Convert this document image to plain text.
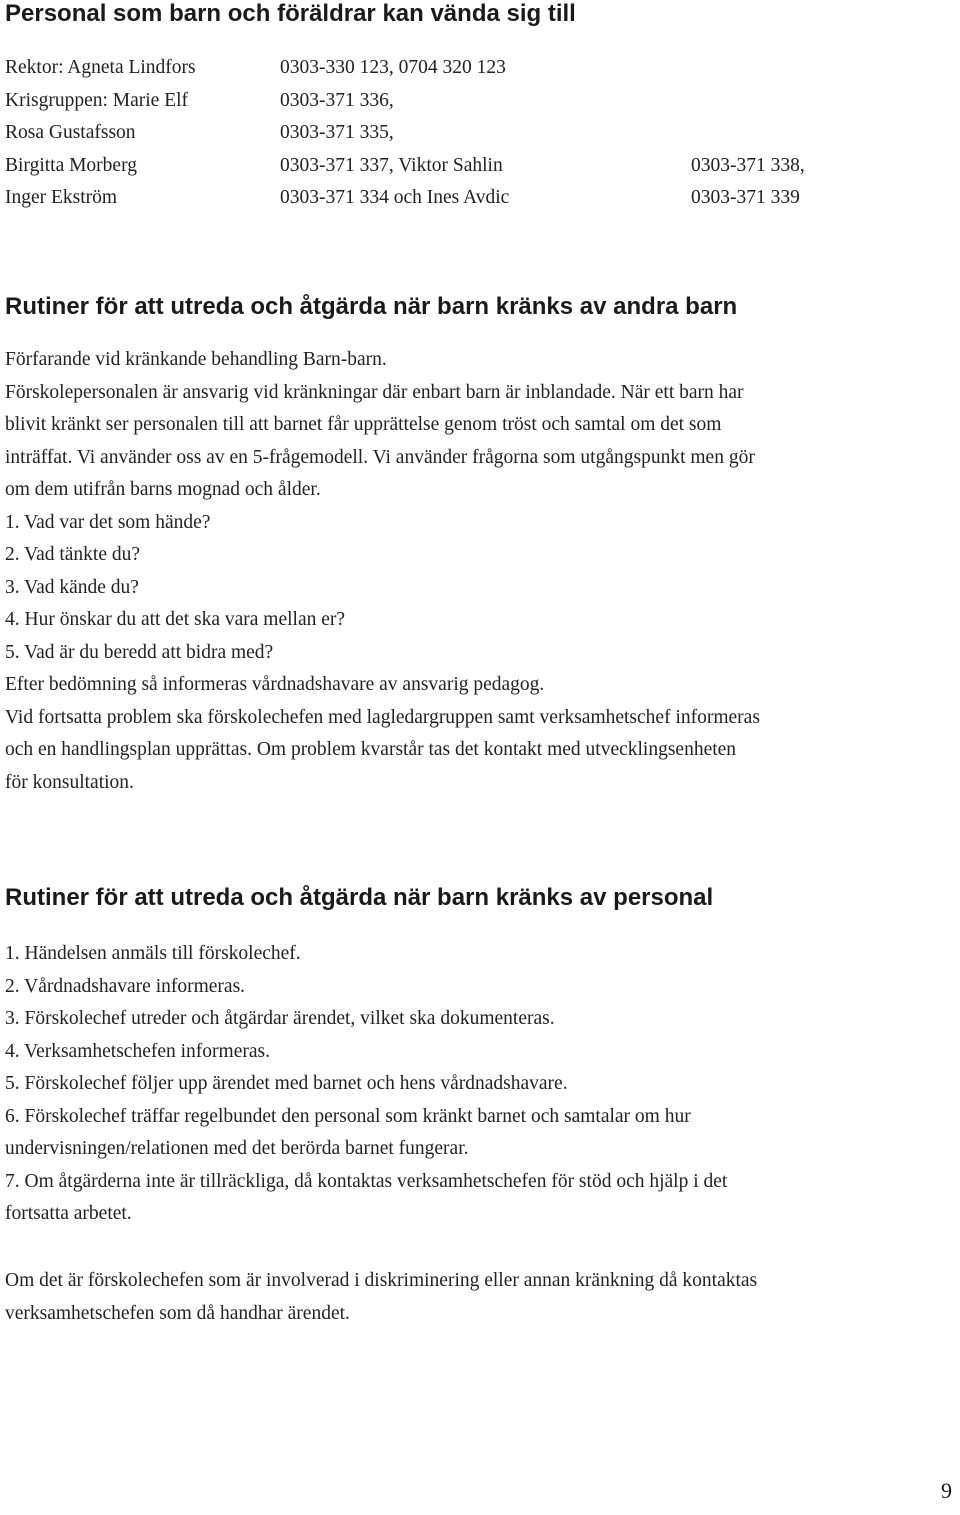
Personal som barn och föräldrar kan vända sig till
Rektor: Agneta Lindfors	0303-330 123, 0704 320 123
Krisgruppen: Marie Elf	0303-371 336,
Rosa Gustafsson	0303-371 335,
Birgitta Morberg	0303-371 337, Viktor Sahlin	0303-371 338,
Inger Ekström	0303-371 334 och Ines Avdic	0303-371 339
Rutiner för att utreda och åtgärda när barn kränks av andra barn
Förfarande vid kränkande behandling Barn-barn.
Förskolepersonalen är ansvarig vid kränkningar där enbart barn är inblandade. När ett barn har
blivit kränkt ser personalen till att barnet får upprättelse genom tröst och samtal om det som
inträffat. Vi använder oss av en 5-frågemodell. Vi använder frågorna som utgångspunkt men gör
om dem utifrån barns mognad och ålder.
1. Vad var det som hände?
2. Vad tänkte du?
3. Vad kände du?
4. Hur önskar du att det ska vara mellan er?
5. Vad är du beredd att bidra med?
Efter bedömning så informeras vårdnadshavare av ansvarig pedagog.
Vid fortsatta problem ska förskolechefen med lagledargruppen samt verksamhetschef informeras
och en handlingsplan upprättas. Om problem kvarstår tas det kontakt med utvecklingsenheten
för konsultation.
Rutiner för att utreda och åtgärda när barn kränks av personal
1. Händelsen anmäls till förskolechef.
2. Vårdnadshavare informeras.
3. Förskolechef utreder och åtgärdar ärendet, vilket ska dokumenteras.
4. Verksamhetschefen informeras.
5. Förskolechef följer upp ärendet med barnet och hens vårdnadshavare.
6. Förskolechef träffar regelbundet den personal som kränkt barnet och samtalar om hur
undervisningen/relationen med det berörda barnet fungerar.
7. Om åtgärderna inte är tillräckliga, då kontaktas verksamhetschefen för stöd och hjälp i det
fortsatta arbetet.
Om det är förskolechefen som är involverad i diskriminering eller annan kränkning då kontaktas
verksamhetschefen som då handhar ärendet.
9
